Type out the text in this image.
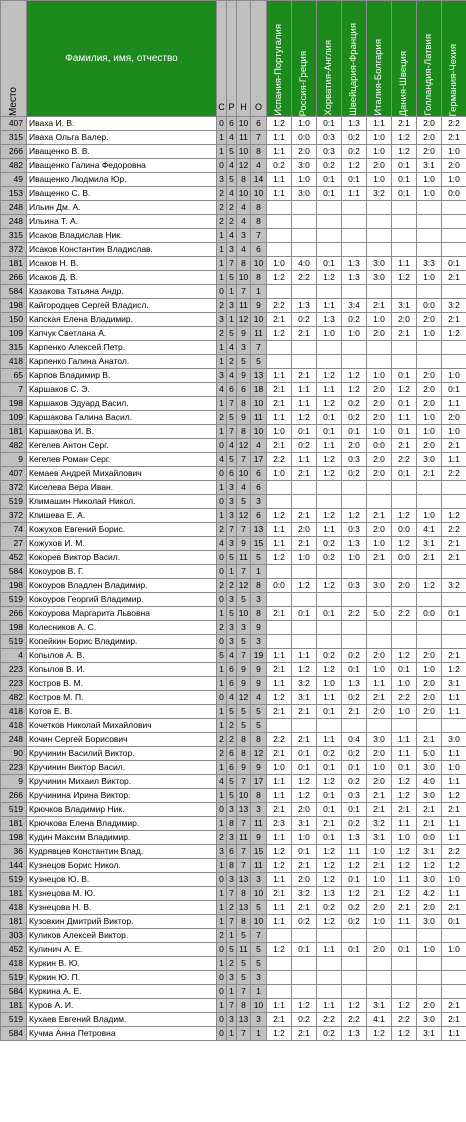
Место	Фамилия, имя, отчество	С	Р	Н	О	Испания-Португалия	Россия-Греция	Хорватия-Англия	Швейцария-Франция	Италия-Болгария	Дания-Швеция	Голландия-Латвия	Германия-Чехия

407	Иваха И. В.	0	6	10	6	1:2	1:0	0:1	1:3	1:1	2:1	2:0	2:2
315	Иваха Ольга Валер.	1	4	11	7	1:1	0:0	0:3	0:2	1:0	1:2	2:0	2:1
266	Иващенко В. В.	1	5	10	8	1:1	2:0	0:3	0:2	1:0	1:2	2:0	1:0
482	Иващенко Галина Федоровна	0	4	12	4	0:2	3:0	0:2	1:2	2:0	0:1	3:1	2:0
49	Иващенко Людмила Юр.	3	5	8	14	1:1	1:0	0:1	0:1	1:0	0:1	1:0	1:0
153	Иващенко С. В.	2	4	10	10	1:1	3:0	0:1	1:1	3:2	0:1	1:0	0:0
248	Ильин Дм. А.	2	2	4	8								
248	Ильина Т. А.	2	2	4	8								
315	Исаков Владислав Ник.	1	4	3	7								
372	Исаков Константин Владислав.	1	3	4	6								
181	Исаков Н. В.	1	7	8	10	1:0	4:0	0:1	1:3	3:0	1:1	3:3	0:1
266	Исаков Д. В.	1	5	10	8	1:2	2:2	1:2	1:3	3:0	1:2	1:0	2:1
584	Казакова Татьяна Андр.	0	1	7	1								
198	Кайгородцев Сергей Владисл.	2	3	11	9	2:2	1:3	1:1	3:4	2:1	3:1	0:0	3:2
150	Капская Елена Владимир.	3	1	12	10	2:1	0:2	1:3	0:2	1:0	2:0	2:0	2:1
109	Капчук Светлана А.	2	5	9	11	1:2	2:1	1:0	1:0	2:0	2:1	1:0	1:2
315	Карпенко Алексей Петр.	1	4	3	7								
418	Карпенко Галина Анатол.	1	2	5	5								
65	Карпов Владимир В.	3	4	9	13	1:1	2:1	1:2	1:2	1:0	0:1	2:0	1:0
7	Каршаков С. Э.	4	6	6	18	2:1	1:1	1:1	1:2	2:0	1:2	2:0	0:1
198	Каршаков Эдуард Васил.	1	7	8	10	2:1	1:1	1:2	0:2	2:0	0:1	2:0	1:1
109	Каршакова Галина Васил.	2	5	9	11	1:1	1:2	0:1	0:2	2:0	1:1	1:0	2:0
181	Каршакова И. В.	1	7	8	10	1:0	0:1	0:1	0:1	1:0	0:1	1:0	1:0
482	Кегелев Антон Серг.	0	4	12	4	2:1	0:2	1:1	2:0	0:0	2:1	2:0	2:1
9	Кегелев Роман Серг.	4	5	7	17	2:2	1:1	1:2	0:3	2:0	2:2	3:0	1:1
407	Кемаев Андрей Михайлович	0	6	10	6	1:0	2:1	1:2	0:2	2:0	0:1	2:1	2:2
372	Киселева Вера Иван.	1	3	4	6								
519	Климашин Николай Никол.	0	3	5	3								
372	Клишева Е. А.	1	3	12	6	1:2	2:1	1:2	1:2	2:1	1:2	1:0	1:2
74	Кожухов Евгений Борис.	2	7	7	13	1:1	2:0	1:1	0:3	2:0	0:0	4:1	2:2
27	Кожухов И. М.	4	3	9	15	1:1	2:1	0:2	1:3	1:0	1:2	3:1	2:1
452	Кокорев Виктор Васил.	0	5	11	5	1:2	1:0	0:2	1:0	2:1	0:0	2:1	2:1
584	Кокоуров В. Г.	0	1	7	1								
198	Кокоуров Владлен Владимир.	2	2	12	8	0:0	1:2	1:2	0:3	3:0	2:0	1:2	3:2
519	Кокоуров Георгий Владимир.	0	3	5	3								
266	Кокоурова Маргарита Львовна	1	5	10	8	2:1	0:1	0:1	2:2	5:0	2:2	0:0	0:1
198	Колесников А. С.	2	3	3	9								
519	Копейкин Борис Владимир.	0	3	5	3								
4	Копылов А. В.	5	4	7	19	1:1	1:1	0:2	0:2	2:0	1:2	2:0	2:1
223	Копылов В. И.	1	6	9	9	2:1	1:2	1:2	0:1	1:0	0:1	1:0	1:2
223	Костров В. М.	1	6	9	9	1:1	3:2	1:0	1:3	1:1	1:0	2:0	3:1
482	Костров М. П.	0	4	12	4	1:2	3:1	1:1	0:2	2:1	2:2	2:0	1:1
418	Котов Е. В.	1	5	5	5	2:1	2:1	0:1	2:1	2:0	1:0	2:0	1:1
418	Кочетков Николай Михайлович	1	2	5	5								
248	Кочин Сергей Борисович	2	2	8	8	2:2	2:1	1:1	0:4	3:0	1:1	2:1	3:0
90	Кручинин Василий Виктор.	2	6	8	12	2:1	0:1	0:2	0:2	2:0	1:1	5:0	1:1
223	Кручинин Виктор Васил.	1	6	9	9	1:0	0:1	0:1	0:1	1:0	0:1	3:0	1:0
9	Кручинин Михаил Виктор.	4	5	7	17	1:1	1:2	1:2	0:2	2:0	1:2	4:0	1:1
266	Кручинина Ирина Виктор.	1	5	10	8	1:1	1:2	0:1	0:3	2:1	1:2	3:0	1:2
519	Крючков Владимир Ник.	0	3	13	3	2:1	2:0	0:1	0:1	2:1	2:1	2:1	2:1
181	Крючкова Елена Владимир.	1	8	7	11	2:3	3:1	2:1	0:2	3:2	1:1	2:1	1:1
198	Кудин Максим Владимир.	2	3	11	9	1:1	1:0	0:1	1:3	3:1	1:0	0:0	1:1
36	Кудрявцев Константин Влад.	3	6	7	15	1:2	0:1	1:2	1:1	1:0	1:2	3:1	2:2
144	Кузнецов Борис Никол.	1	8	7	11	1:2	2:1	1:2	1:2	2:1	1:2	1:2	1:2
519	Кузнецов Ю. В.	0	3	13	3	1:1	2:0	1:2	0:1	1:0	1:1	3:0	1:0
181	Кузнецова М. Ю.	1	7	8	10	2:1	3:2	1:3	1:2	2:1	1:2	4:2	1:1
418	Кузнецова Н. В.	1	2	13	5	1:1	2:1	0:2	0:2	2:0	2:1	2:0	2:1
181	Кузовкин Дмитрий Виктор.	1	7	8	10	1:1	0:2	1:2	0:2	1:0	1:1	3:0	0:1
303	Куликов Алексей Виктор.	2	1	5	7								
452	Кулинич А. Е.	0	5	11	5	1:2	0:1	1:1	0:1	2:0	0:1	1:0	1:0
418	Куркин В. Ю.	1	2	5	5								
519	Куркин Ю. П.	0	3	5	3								
584	Куркина А. Е.	0	1	7	1								
181	Куров А. И.	1	7	8	10	1:1	1:2	1:1	1:2	3:1	1:2	2:0	2:1
519	Кухаев Евгений Владим.	0	3	13	3	2:1	0:2	2:2	2:2	4:1	2:2	3:0	2:1
584	Кучма Анна Петровна	0	1	7	1	1:2	2:1	0:2	1:3	1:2	1:2	3:1	1:1
